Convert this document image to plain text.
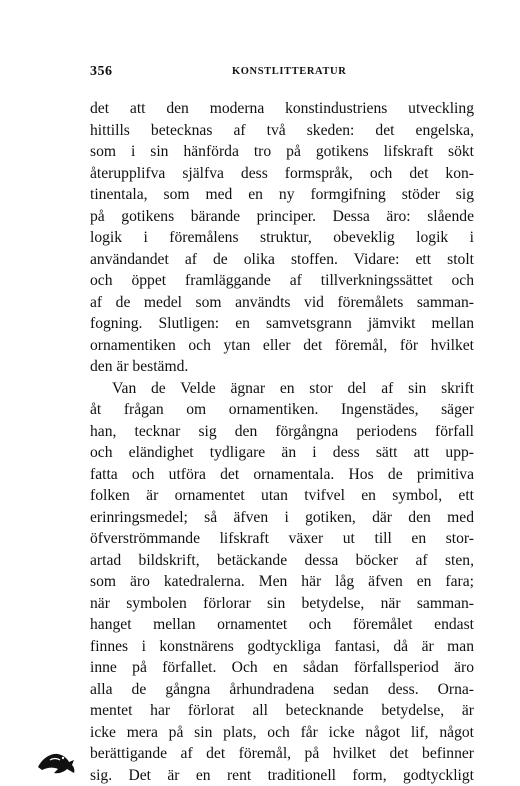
356	KONSTLITTERATUR
det att den moderna konstindustriens utveckling
hittills betecknas af två skeden: det engelska,
som i sin hänförda tro på gotikens lifskraft sökt
återupplifva själfva dess formspråk, och det kon-
tinentala, som med en ny formgifning stöder sig
på gotikens bärande principer. Dessa äro: slående
logik i föremålens struktur, obeveklig logik i
användandet af de olika stoffen. Vidare: ett stolt
och öppet framläggande af tillverkningssättet och
af de medel som användts vid föremålets samman-
fogning. Slutligen: en samvetsgrann jämvikt mellan
ornamentiken och ytan eller det föremål, för hvilket
den är bestämd.
Van de Velde ägnar en stor del af sin skrift
åt frågan om ornamentiken. Ingenstädes, säger
han, tecknar sig den förgångna periodens förfall
och eländighet tydligare än i dess sätt att upp-
fatta och utföra det ornamentala. Hos de primitiva
folken är ornamentet utan tvifvel en symbol, ett
erinringsmedel; så äfven i gotiken, där den med
öfverströmmande lifskraft växer ut till en stor-
artad bildskrift, betäckande dessa böcker af sten,
som äro katedralerna. Men här låg äfven en fara;
när symbolen förlorar sin betydelse, när samman-
hanget mellan ornamentet och föremålet endast
finnes i konstnärens godtyckliga fantasi, då är man
inne på förfallet. Och en sådan förfallsperiod äro
alla de gångna århundradena sedan dess. Orna-
mentet har förlorat all betecknande betydelse, är
icke mera på sin plats, och får icke något lif, något
berättigande af det föremål, på hvilket det befinner
sig. Det är en rent traditionell form, godtyckligt
